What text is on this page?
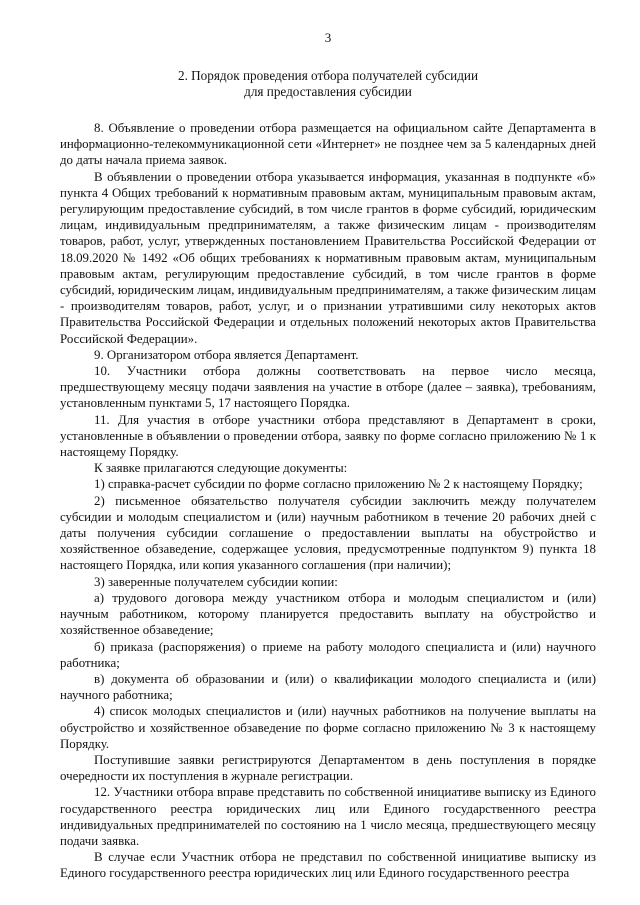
3
2. Порядок проведения отбора получателей субсидии
для предоставления субсидии

8. Объявление о проведении отбора размещается на официальном сайте Департамента в информационно-телекоммуникационной сети «Интернет» не позднее чем за 5 календарных дней до даты начала приема заявок.

В объявлении о проведении отбора указывается информация, указанная в подпункте «б» пункта 4 Общих требований к нормативным правовым актам, муниципальным правовым актам, регулирующим предоставление субсидий, в том числе грантов в форме субсидий, юридическим лицам, индивидуальным предпринимателям, а также физическим лицам - производителям товаров, работ, услуг, утвержденных постановлением Правительства Российской Федерации от 18.09.2020 № 1492 «Об общих требованиях к нормативным правовым актам, муниципальным правовым актам, регулирующим предоставление субсидий, в том числе грантов в форме субсидий, юридическим лицам, индивидуальным предпринимателям, а также физическим лицам - производителям товаров, работ, услуг, и о признании утратившими силу некоторых актов Правительства Российской Федерации и отдельных положений некоторых актов Правительства Российской Федерации».

9. Организатором отбора является Департамент.

10. Участники отбора должны соответствовать на первое число месяца, предшествующему месяцу подачи заявления на участие в отборе (далее – заявка), требованиям, установленным пунктами 5, 17 настоящего Порядка.

11. Для участия в отборе участники отбора представляют в Департамент в сроки, установленные в объявлении о проведении отбора, заявку по форме согласно приложению № 1 к настоящему Порядку.

К заявке прилагаются следующие документы:

1) справка-расчет субсидии по форме согласно приложению № 2 к настоящему Порядку;

2) письменное обязательство получателя субсидии заключить между получателем субсидии и молодым специалистом и (или) научным работником в течение 20 рабочих дней с даты получения субсидии соглашение о предоставлении выплаты на обустройство и хозяйственное обзаведение, содержащее условия, предусмотренные подпунктом 9) пункта 18 настоящего Порядка, или копия указанного соглашения (при наличии);

3) заверенные получателем субсидии копии:

а) трудового договора между участником отбора и молодым специалистом и (или) научным работником, которому планируется предоставить выплату на обустройство и хозяйственное обзаведение;

б) приказа (распоряжения) о приеме на работу молодого специалиста и (или) научного работника;

в) документа об образовании и (или) о квалификации молодого специалиста и (или) научного работника;

4) список молодых специалистов и (или) научных работников на получение выплаты на обустройство и хозяйственное обзаведение по форме согласно приложению № 3 к настоящему Порядку.

Поступившие заявки регистрируются Департаментом в день поступления в порядке очередности их поступления в журнале регистрации.

12. Участники отбора вправе представить по собственной инициативе выписку из Единого государственного реестра юридических лиц или Единого государственного реестра индивидуальных предпринимателей по состоянию на 1 число месяца, предшествующего месяцу подачи заявка.

В случае если Участник отбора не представил по собственной инициативе выписку из Единого государственного реестра юридических лиц или Единого государственного реестра
